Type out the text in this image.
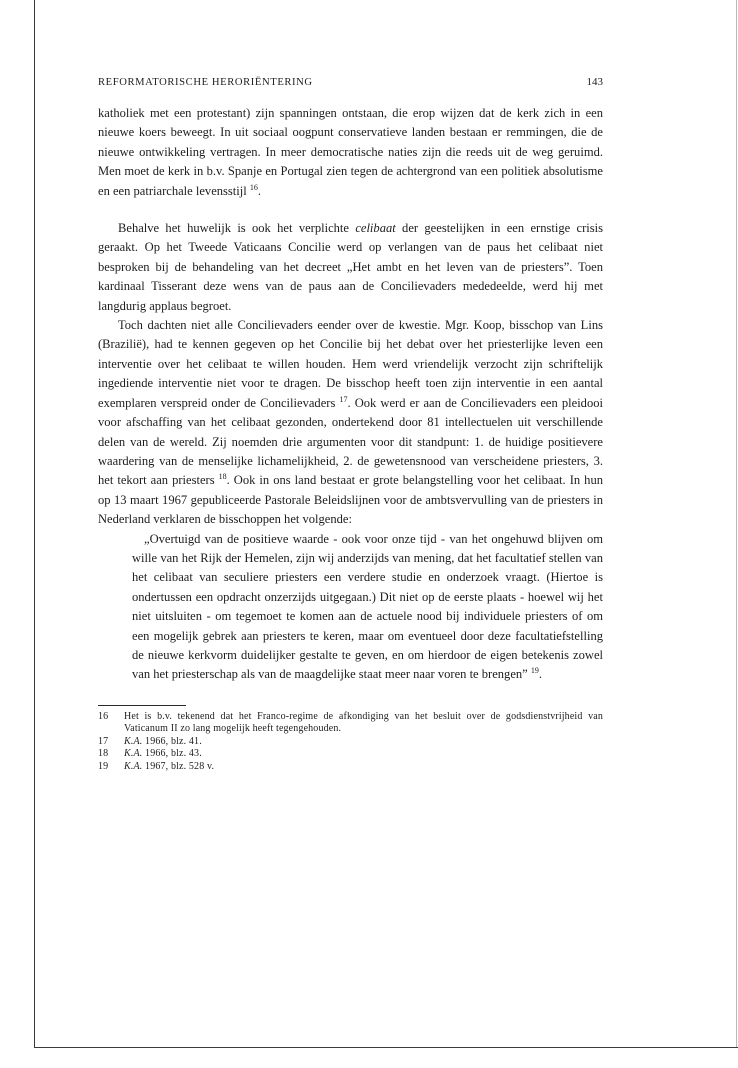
REFORMATORISCHE HERORIËNTERING	143

katholiek met een protestant) zijn spanningen ontstaan, die erop wijzen dat de kerk zich in een nieuwe koers beweegt. In uit sociaal oogpunt conservatieve landen bestaan er remmingen, die de nieuwe ontwikkeling vertragen. In meer democratische naties zijn die reeds uit de weg geruimd. Men moet de kerk in b.v. Spanje en Portugal zien tegen de achtergrond van een politiek absolutisme en een patriarchale levensstijl $^{16}$.

Behalve het huwelijk is ook het verplichte celibaat der geestelijken in een ernstige crisis geraakt. Op het Tweede Vaticaans Concilie werd op verlangen van de paus het celibaat niet besproken bij de behandeling van het decreet „Het ambt en het leven van de priesters”. Toen kardinaal Tisserant deze wens van de paus aan de Concilievaders mededeelde, werd hij met langdurig applaus begroet.

Toch dachten niet alle Concilievaders eender over de kwestie. Mgr. Koop, bisschop van Lins (Brazilië), had te kennen gegeven op het Concilie bij het debat over het priesterlijke leven een interventie over het celibaat te willen houden. Hem werd vriendelijk verzocht zijn schriftelijk ingediende interventie niet voor te dragen. De bisschop heeft toen zijn interventie in een aantal exemplaren verspreid onder de Concilievaders $^{17}$. Ook werd er aan de Concilievaders een pleidooi voor afschaffing van het celibaat gezonden, ondertekend door 81 intellectuelen uit verschillende delen van de wereld. Zij noemden drie argumenten voor dit standpunt: 1. de huidige positievere waardering van de menselijke lichamelijkheid, 2. de gewetensnood van verscheidene priesters, 3. het tekort aan priesters $^{18}$. Ook in ons land bestaat er grote belangstelling voor het celibaat. In hun op 13 maart 1967 gepubliceerde Pastorale Beleidslijnen voor de ambtsvervulling van de priesters in Nederland verklaren de bisschoppen het volgende:

„Overtuigd van de positieve waarde - ook voor onze tijd - van het ongehuwd blijven om wille van het Rijk der Hemelen, zijn wij anderzijds van mening, dat het facultatief stellen van het celibaat van seculiere priesters een verdere studie en onderzoek vraagt. (Hiertoe is ondertussen een opdracht onzerzijds uitgegaan.) Dit niet op de eerste plaats - hoewel wij het niet uitsluiten - om tegemoet te komen aan de actuele nood bij individuele priesters of om een mogelijk gebrek aan priesters te keren, maar om eventueel door deze facultatiefstelling de nieuwe kerkvorm duidelijker gestalte te geven, en om hierdoor de eigen betekenis zowel van het priesterschap als van de maagdelijke staat meer naar voren te brengen” $^{19}$.

16	Het is b.v. tekenend dat het Franco-regime de afkondiging van het besluit over de godsdienstvrijheid van Vaticanum II zo lang mogelijk heeft tegengehouden.
17	K.A. 1966, blz. 41.
18	K.A. 1966, blz. 43.
19	K.A. 1967, blz. 528 v.
